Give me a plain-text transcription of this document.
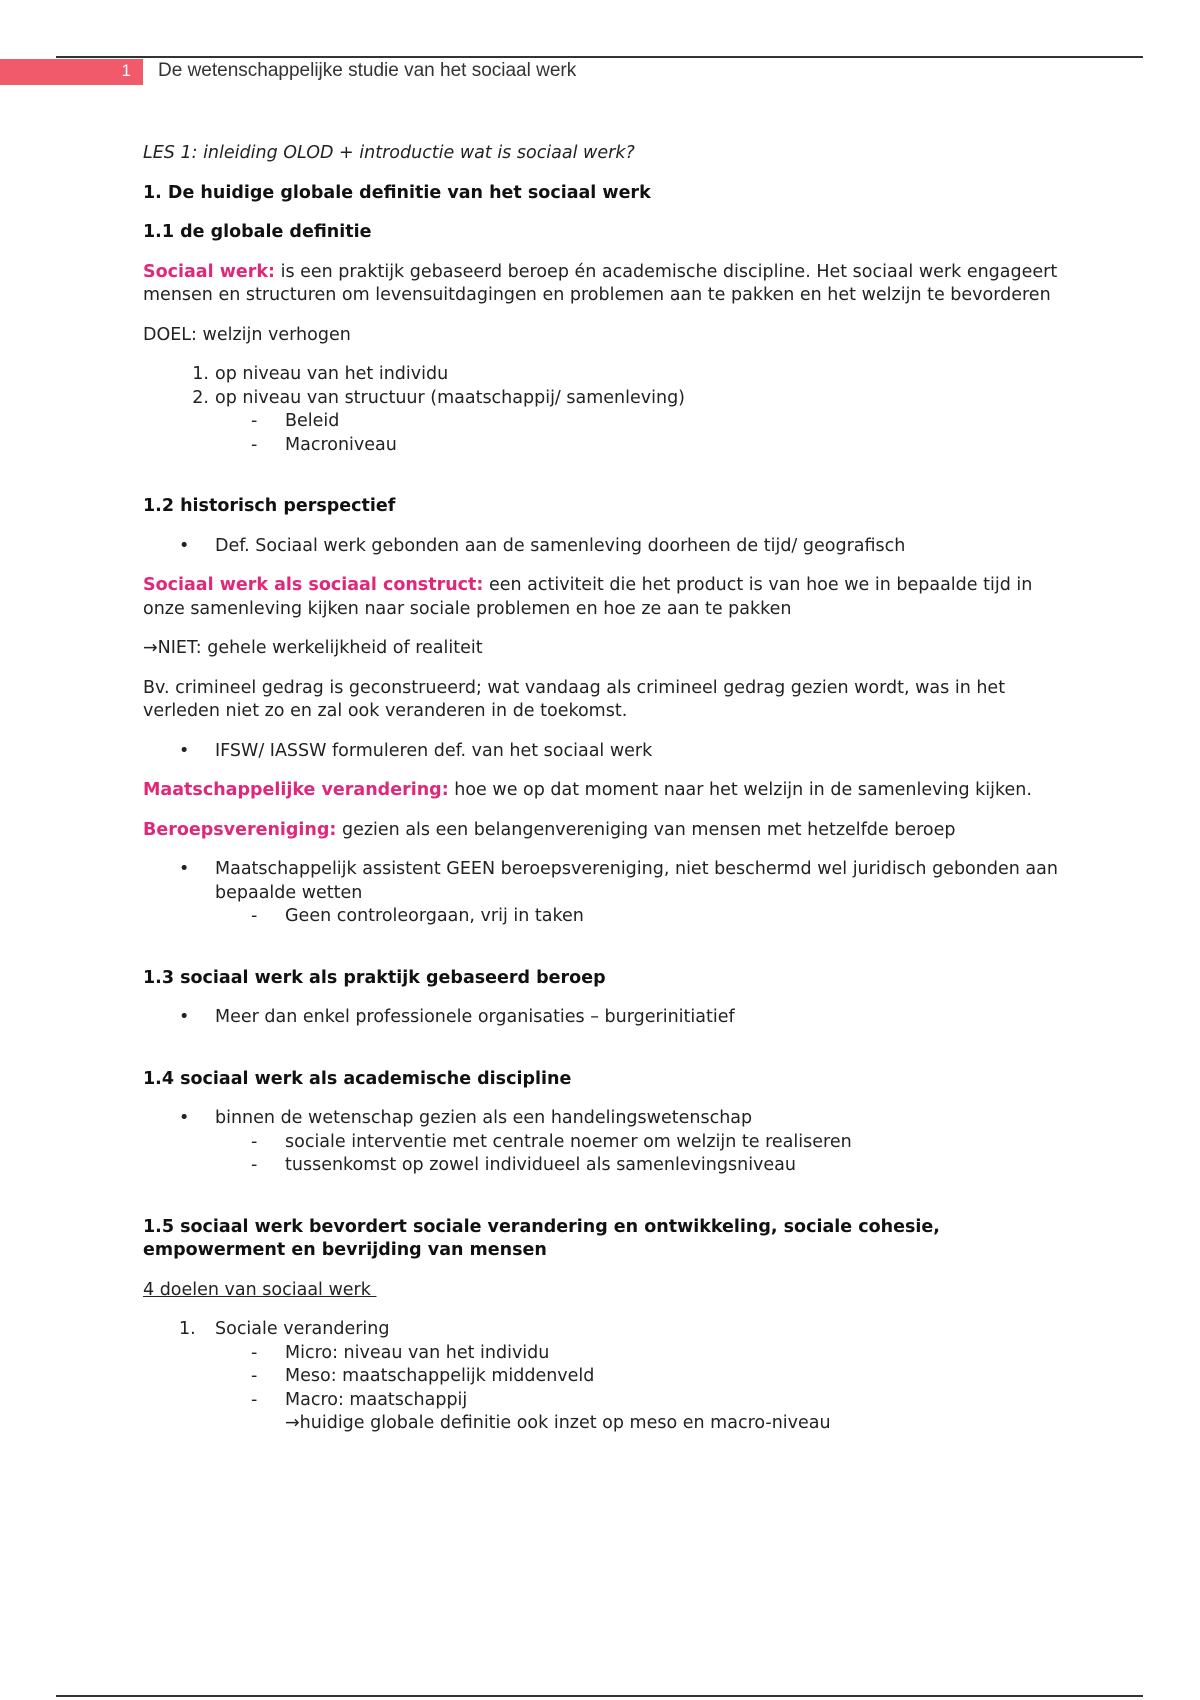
1 De wetenschappelijke studie van het sociaal werk

LES 1: inleiding OLOD + introductie wat is sociaal werk?

1. De huidige globale definitie van het sociaal werk

1.1 de globale definitie

Sociaal werk: is een praktijk gebaseerd beroep én academische discipline. Het sociaal werk engageert mensen en structuren om levensuitdagingen en problemen aan te pakken en het welzijn te bevorderen

DOEL: welzijn verhogen

1. op niveau van het individu
2. op niveau van structuur (maatschappij/ samenleving)
- Beleid
- Macroniveau

1.2 historisch perspectief

• Def. Sociaal werk gebonden aan de samenleving doorheen de tijd/ geografisch

Sociaal werk als sociaal construct: een activiteit die het product is van hoe we in bepaalde tijd in onze samenleving kijken naar sociale problemen en hoe ze aan te pakken

→NIET: gehele werkelijkheid of realiteit

Bv. crimineel gedrag is geconstrueerd; wat vandaag als crimineel gedrag gezien wordt, was in het verleden niet zo en zal ook veranderen in de toekomst.

• IFSW/ IASSW formuleren def. van het sociaal werk

Maatschappelijke verandering: hoe we op dat moment naar het welzijn in de samenleving kijken.

Beroepsvereniging: gezien als een belangenvereniging van mensen met hetzelfde beroep

• Maatschappelijk assistent GEEN beroepsvereniging, niet beschermd wel juridisch gebonden aan bepaalde wetten
- Geen controleorgaan, vrij in taken

1.3 sociaal werk als praktijk gebaseerd beroep

• Meer dan enkel professionele organisaties – burgerinitiatief

1.4 sociaal werk als academische discipline

• binnen de wetenschap gezien als een handelingswetenschap
- sociale interventie met centrale noemer om welzijn te realiseren
- tussenkomst op zowel individueel als samenlevingsniveau

1.5 sociaal werk bevordert sociale verandering en ontwikkeling, sociale cohesie, empowerment en bevrijding van mensen

4 doelen van sociaal werk

1.	Sociale verandering
- Micro: niveau van het individu
- Meso: maatschappelijk middenveld
- Macro: maatschappij
→huidige globale definitie ook inzet op meso en macro-niveau
